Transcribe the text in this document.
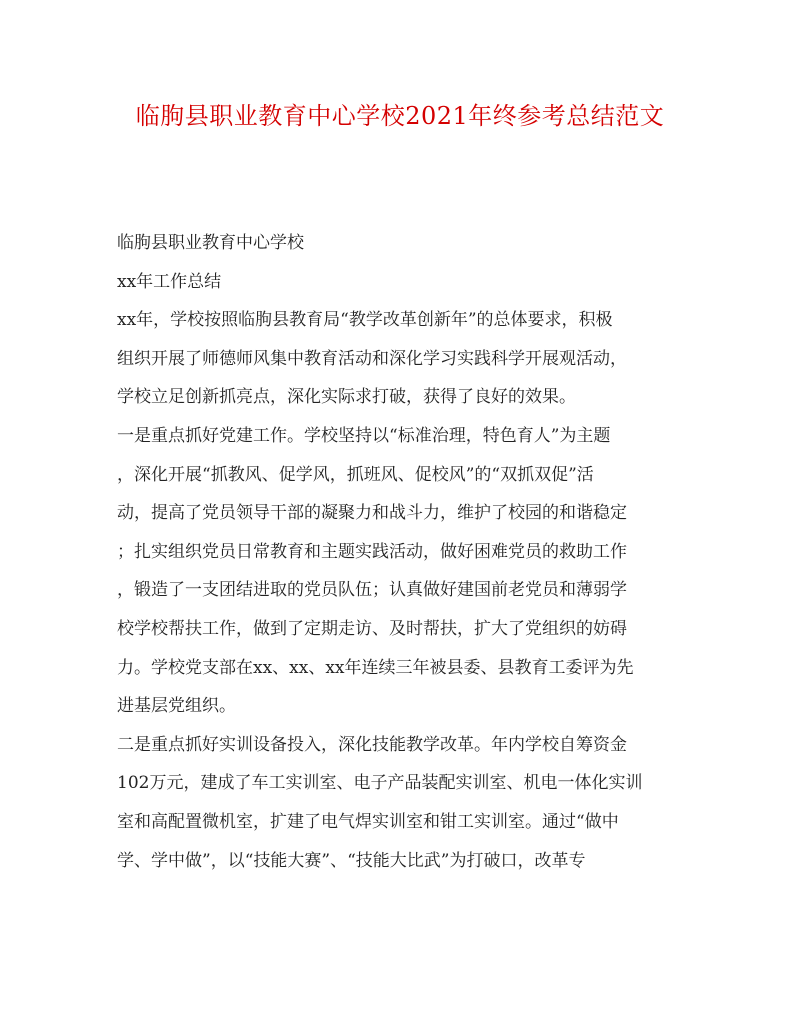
临朐县职业教育中心学校2021年终参考总结范文
临朐县职业教育中心学校
xx年工作总结
xx年，学校按照临朐县教育局“教学改革创新年”的总体要求，积极
组织开展了师德师风集中教育活动和深化学习实践科学开展观活动，
学校立足创新抓亮点，深化实际求打破，获得了良好的效果。
一是重点抓好党建工作。学校坚持以“标准治理，特色育人”为主题
，深化开展“抓教风、促学风，抓班风、促校风”的“双抓双促”活
动，提高了党员领导干部的凝聚力和战斗力，维护了校园的和谐稳定
；扎实组织党员日常教育和主题实践活动，做好困难党员的救助工作
，锻造了一支团结进取的党员队伍；认真做好建国前老党员和薄弱学
校学校帮扶工作，做到了定期走访、及时帮扶，扩大了党组织的妨碍
力。学校党支部在xx、xx、xx年连续三年被县委、县教育工委评为先
进基层党组织。
二是重点抓好实训设备投入，深化技能教学改革。年内学校自筹资金
102万元，建成了车工实训室、电子产品装配实训室、机电一体化实训
室和高配置微机室，扩建了电气焊实训室和钳工实训室。通过“做中
学、学中做”，以“技能大赛”、“技能大比武”为打破口，改革专
